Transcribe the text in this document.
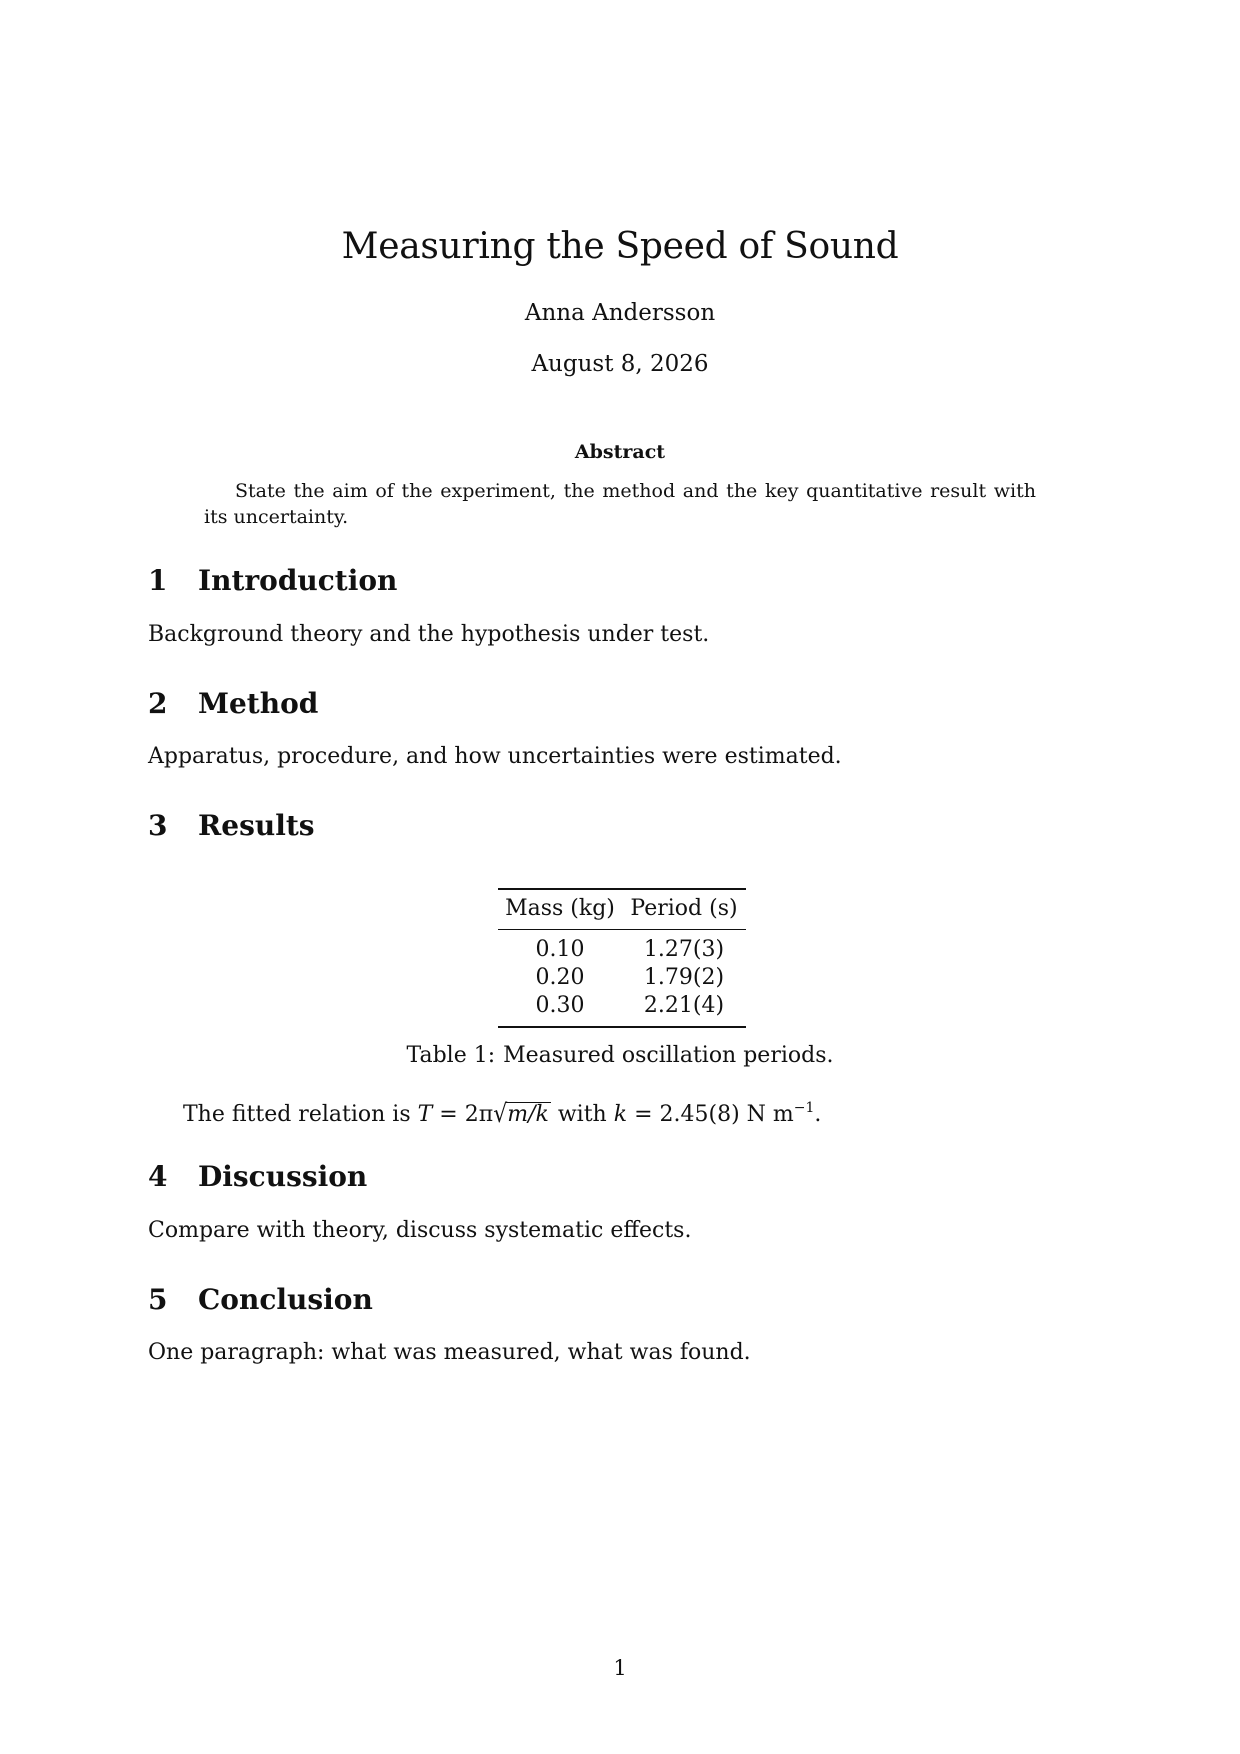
Measuring the Speed of Sound
Anna Andersson
August 8, 2026
Abstract
State the aim of the experiment, the method and the key quantitative result with its uncertainty.
1 Introduction
Background theory and the hypothesis under test.
2 Method
Apparatus, procedure, and how uncertainties were estimated.
3 Results
Mass (kg)	Period (s)
0.10	1.27(3)
0.20	1.79(2)
0.30	2.21(4)
Table 1: Measured oscillation periods.
The fitted relation is T = 2π√m/k with k = 2.45(8) N $m^{-1}$.
4 Discussion
Compare with theory, discuss systematic effects.
5 Conclusion
One paragraph: what was measured, what was found.
1
